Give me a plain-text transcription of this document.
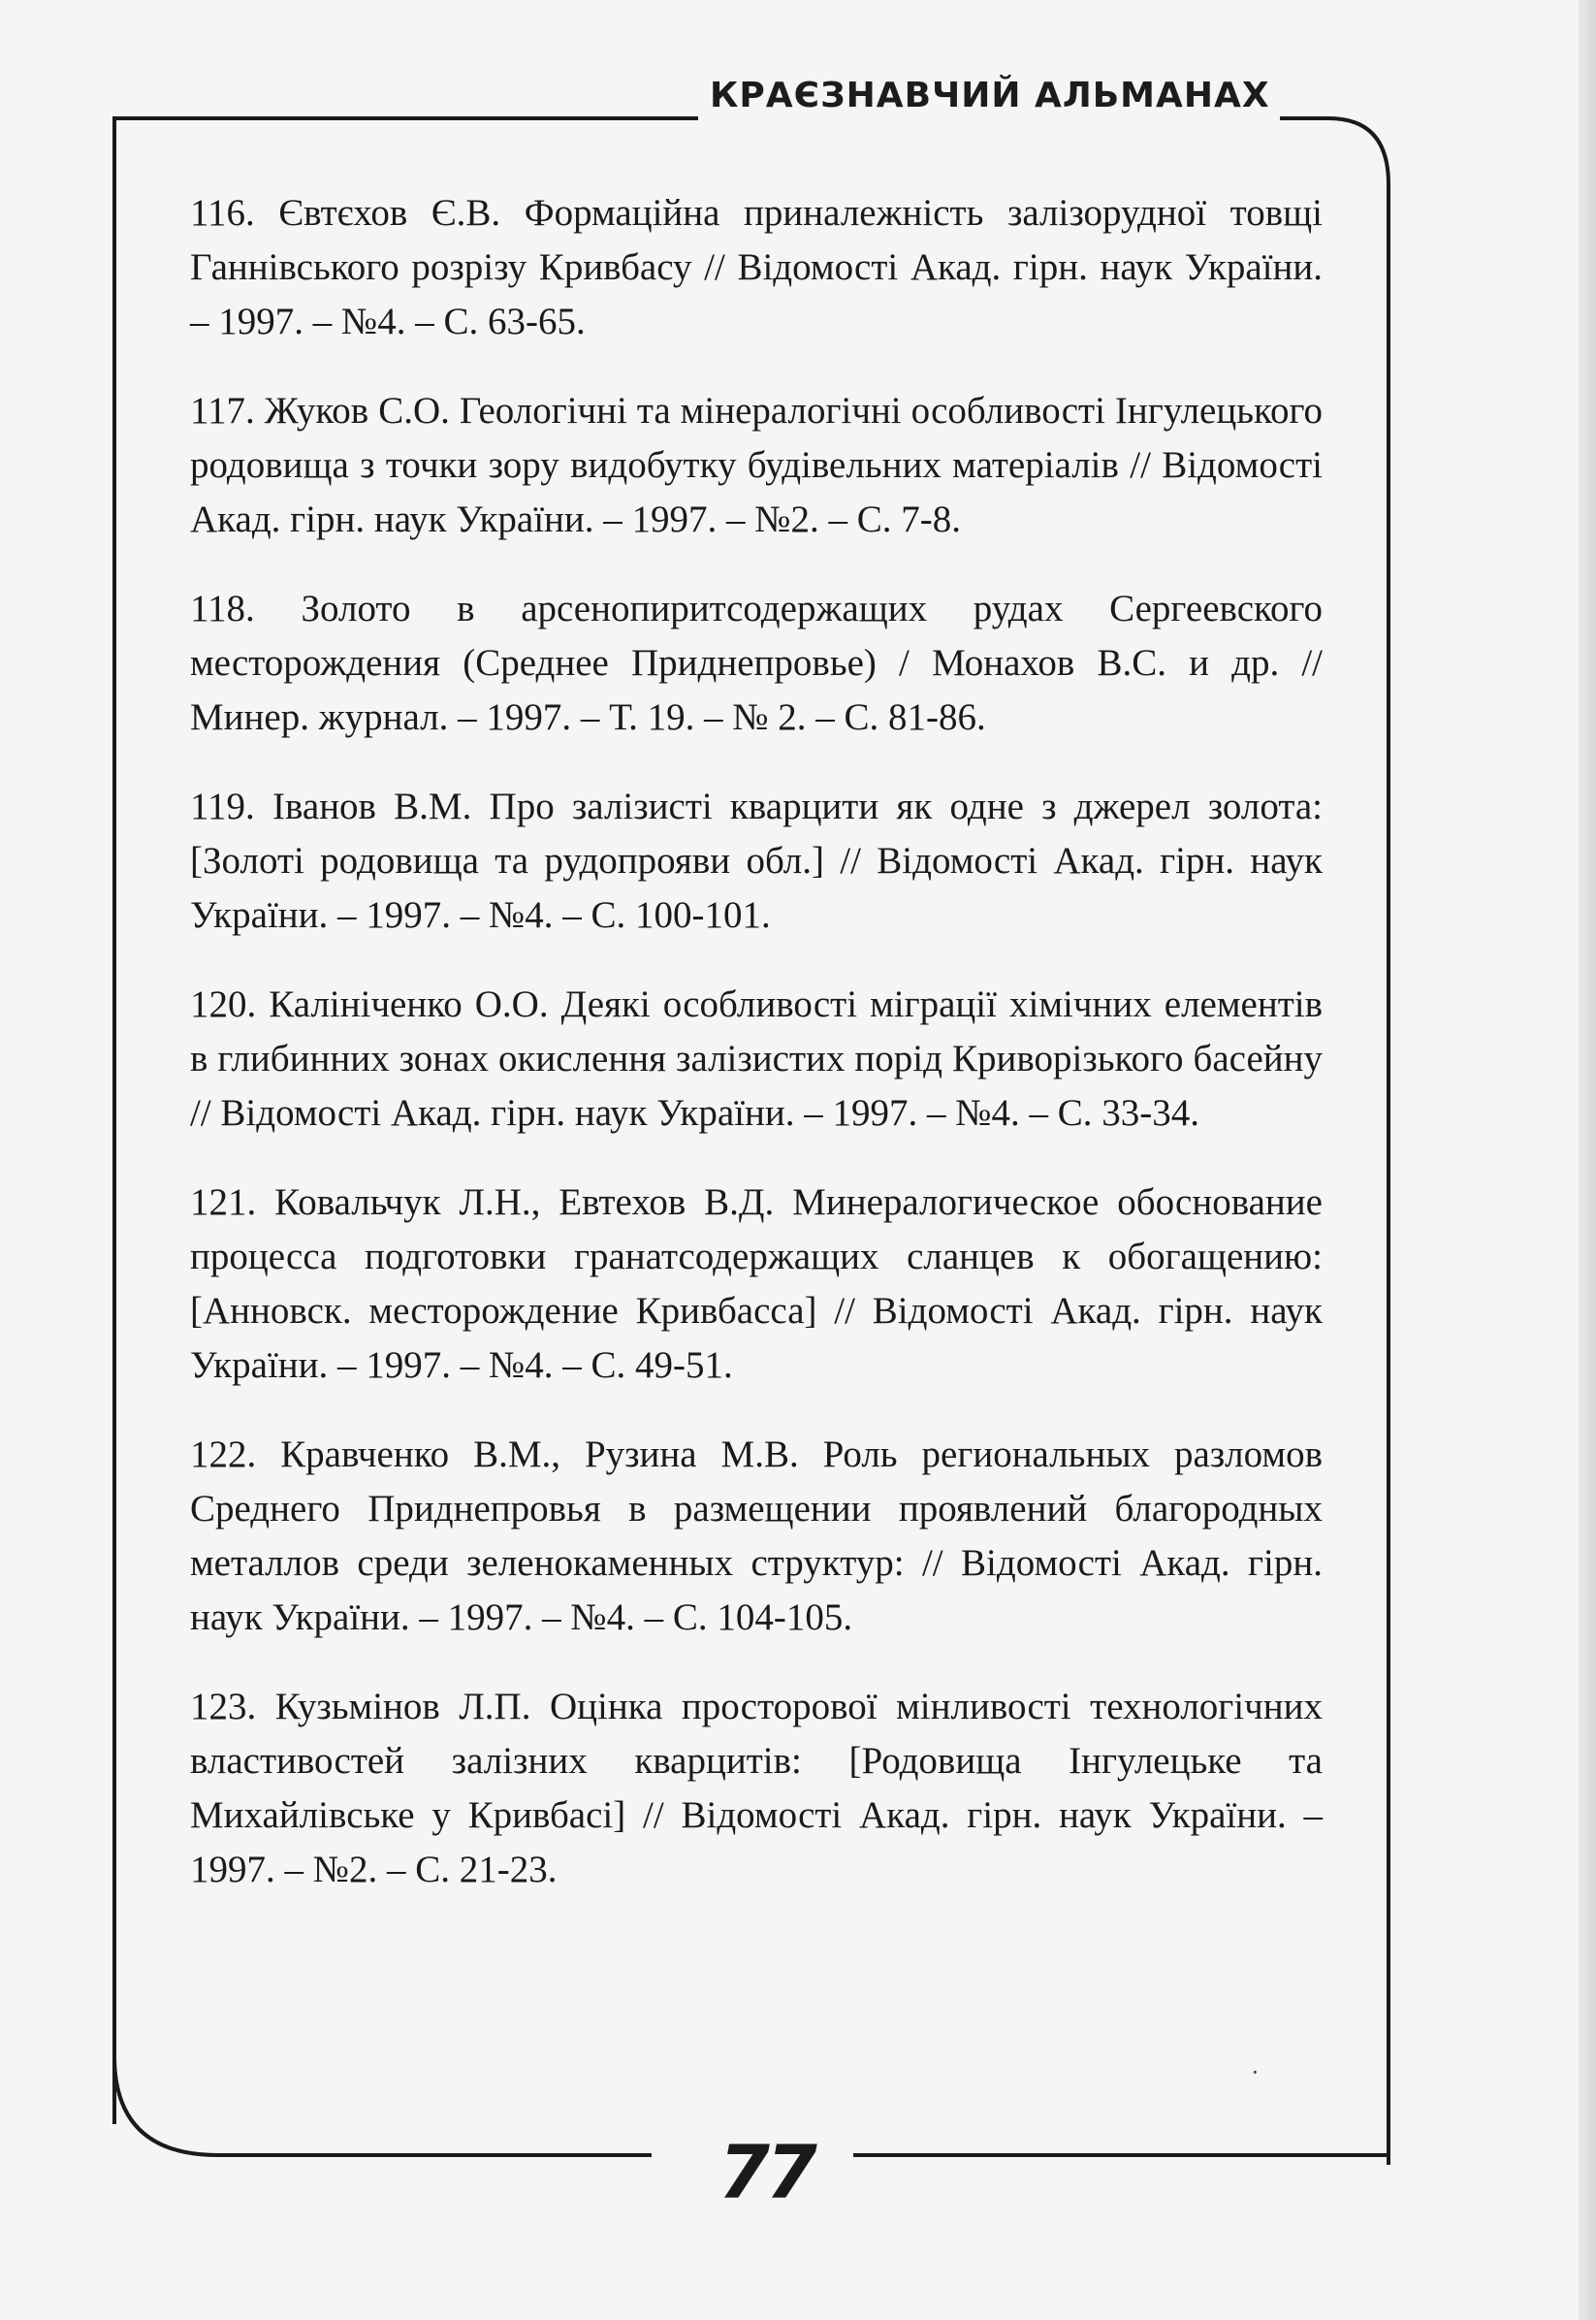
КРАЄЗНАВЧИЙ АЛЬМАНАХ

116. Євтєхов Є.В. Формаційна приналежність залізорудної товщі Ганнівського розрізу Кривбасу // Відомості Акад. гірн. наук України. – 1997. – №4. – С. 63-65.

117. Жуков С.О. Геологічні та мінералогічні особливості Інгулецького родовища з точки зору видобутку будівельних матеріалів // Відомості Акад. гірн. наук України. – 1997. – №2. – С. 7-8.

118. Золото в арсенопиритсодержащих рудах Сергеевского месторождения (Среднее Приднепровье) / Монахов В.С. и др. // Минер. журнал. – 1997. – Т. 19. – № 2. – С. 81-86.

119. Іванов В.М. Про залізисті кварцити як одне з джерел золота: [Золоті родовища та рудопрояви обл.] // Відомості Акад. гірн. наук України. – 1997. – №4. – С. 100-101.

120. Калініченко О.О. Деякі особливості міграції хімічних елементів в глибинних зонах окислення залізистих порід Криворізького басейну // Відомості Акад. гірн. наук України. – 1997. – №4. – С. 33-34.

121. Ковальчук Л.Н., Евтехов В.Д. Минералогическое обоснование процесса подготовки гранатсодержащих сланцев к обогащению: [Анновск. месторождение Кривбасса] // Відомості Акад. гірн. наук України. – 1997. – №4. – С. 49-51.

122. Кравченко В.М., Рузина М.В. Роль региональных разломов Среднего Приднепровья в размещении проявлений благородных металлов среди зеленокаменных структур: // Відомості Акад. гірн. наук України. – 1997. – №4. – С. 104-105.

123. Кузьмінов Л.П. Оцінка просторової мінливості технологічних властивостей залізних кварцитів: [Родовища Інгулецьке та Михайлівське у Кривбасі] // Відомості Акад. гірн. наук України. – 1997. – №2. – С. 21-23.

·
77
